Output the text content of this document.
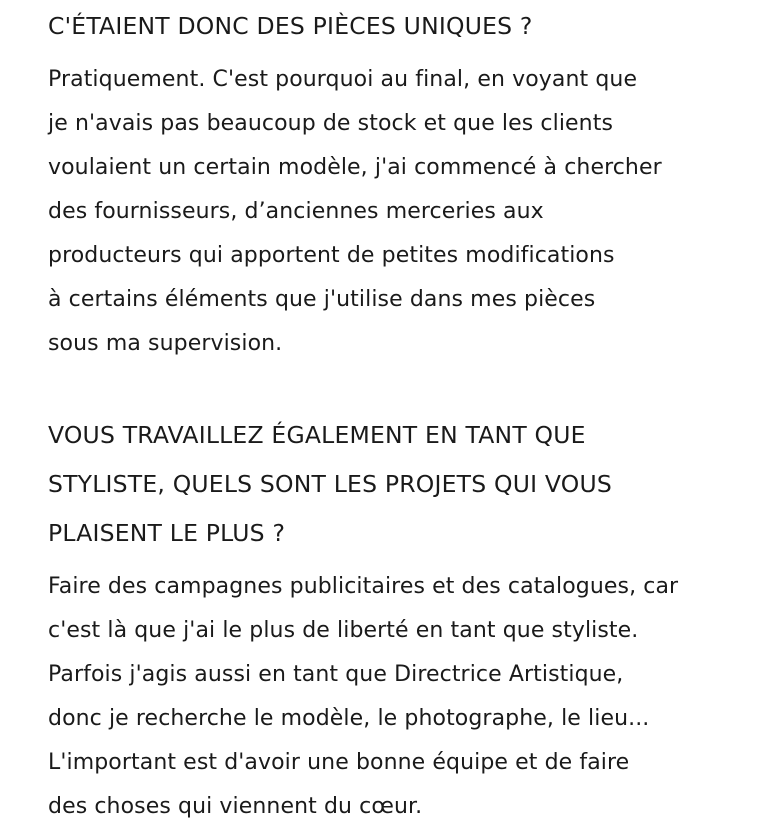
C'ÉTAIENT DONC DES PIÈCES UNIQUES ?

Pratiquement. C'est pourquoi au final, en voyant que
je n'avais pas beaucoup de stock et que les clients
voulaient un certain modèle, j'ai commencé à chercher
des fournisseurs, d’anciennes merceries aux
producteurs qui apportent de petites modifications
à certains éléments que j'utilise dans mes pièces
sous ma supervision.

VOUS TRAVAILLEZ ÉGALEMENT EN TANT QUE
STYLISTE, QUELS SONT LES PROJETS QUI VOUS
PLAISENT LE PLUS ?

Faire des campagnes publicitaires et des catalogues, car
c'est là que j'ai le plus de liberté en tant que styliste.
Parfois j'agis aussi en tant que Directrice Artistique,
donc je recherche le modèle, le photographe, le lieu...
L'important est d'avoir une bonne équipe et de faire
des choses qui viennent du cœur.
